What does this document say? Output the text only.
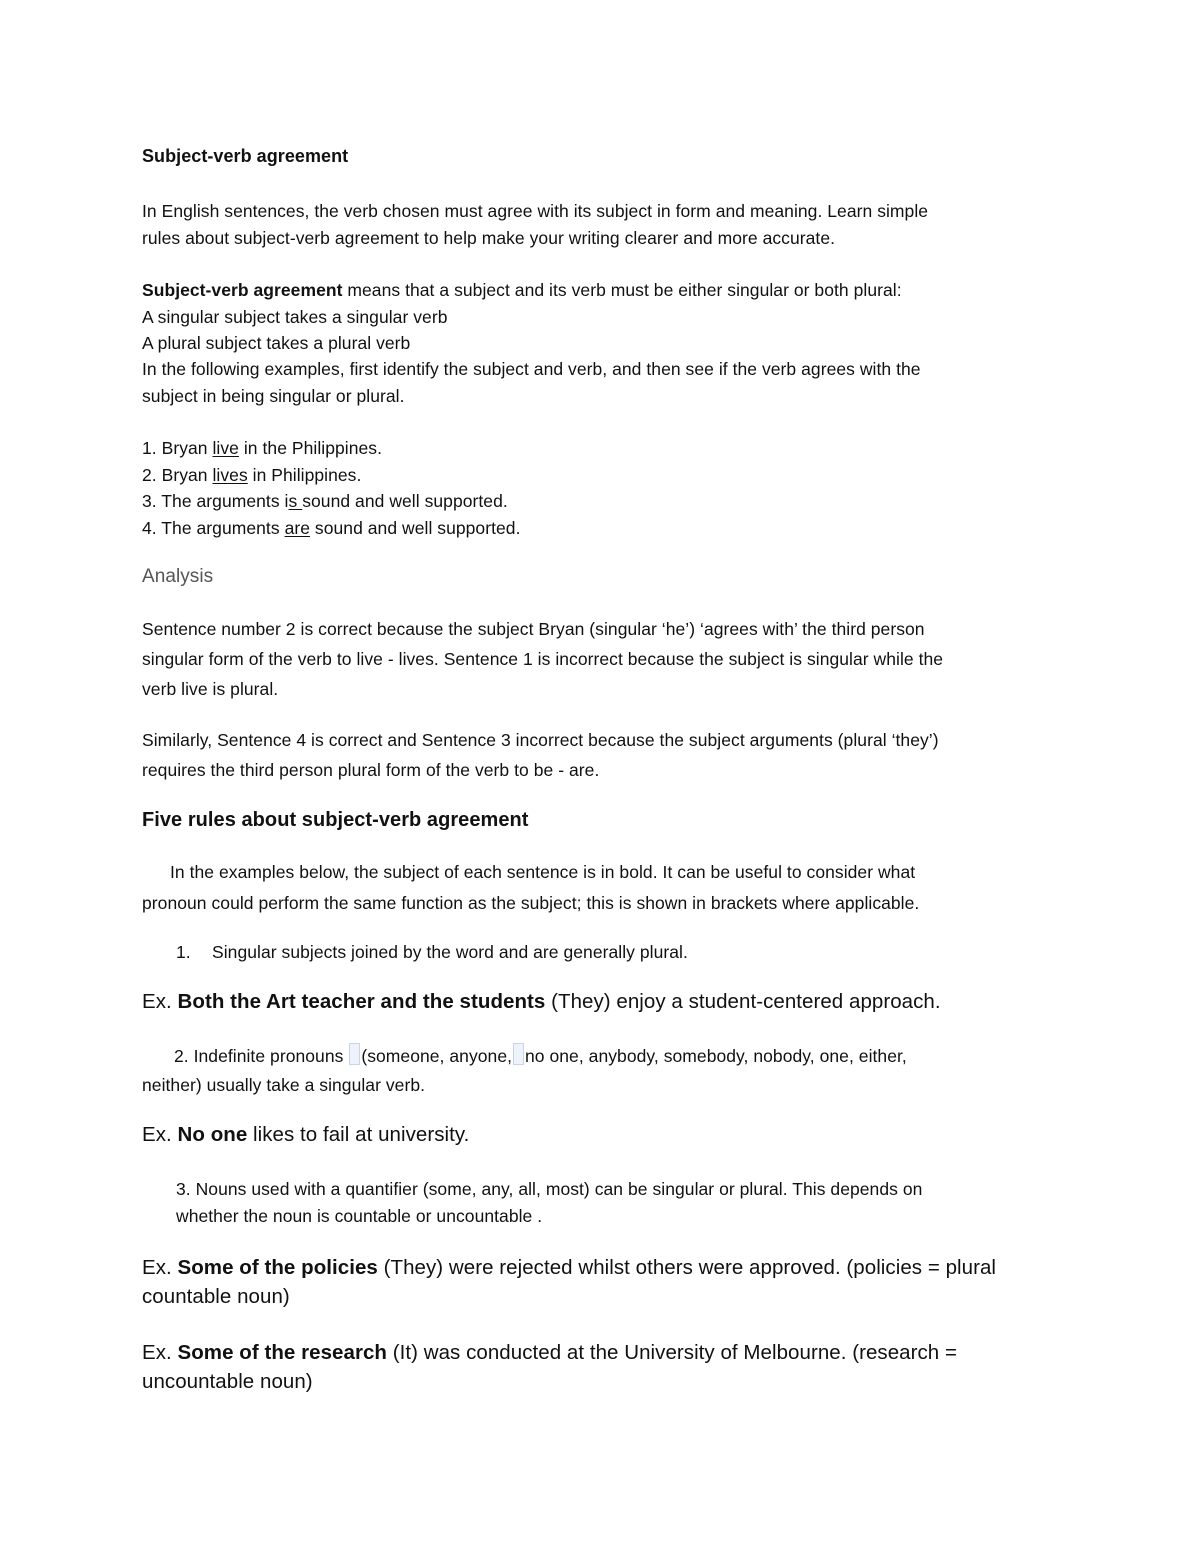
Subject-verb agreement
In English sentences, the verb chosen must agree with its subject in form and meaning. Learn simple
rules about subject-verb agreement to help make your writing clearer and more accurate.
Subject-verb agreement means that a subject and its verb must be either singular or both plural:
A singular subject takes a singular verb
A plural subject takes a plural verb
In the following examples, first identify the subject and verb, and then see if the verb agrees with the
subject in being singular or plural.
1. Bryan live in the Philippines.
2. Bryan lives in Philippines.
3. The arguments is sound and well supported.
4. The arguments are sound and well supported.
Analysis
Sentence number 2 is correct because the subject Bryan (singular ‘he’) ‘agrees with’ the third person
singular form of the verb to live - lives. Sentence 1 is incorrect because the subject is singular while the
verb live is plural.
Similarly, Sentence 4 is correct and Sentence 3 incorrect because the subject arguments (plural ‘they’)
requires the third person plural form of the verb to be - are.
Five rules about subject-verb agreement
In the examples below, the subject of each sentence is in bold. It can be useful to consider what
pronoun could perform the same function as the subject; this is shown in brackets where applicable.
1. Singular subjects joined by the word and are generally plural.
Ex. Both the Art teacher and the students (They) enjoy a student-centered approach.
2. Indefinite pronouns (someone, anyone, no one, anybody, somebody, nobody, one, either,
neither) usually take a singular verb.
Ex. No one likes to fail at university.
3. Nouns used with a quantifier (some, any, all, most) can be singular or plural. This depends on
whether the noun is countable or uncountable .
Ex. Some of the policies (They) were rejected whilst others were approved. (policies = plural
countable noun)
Ex. Some of the research (It) was conducted at the University of Melbourne. (research =
uncountable noun)
